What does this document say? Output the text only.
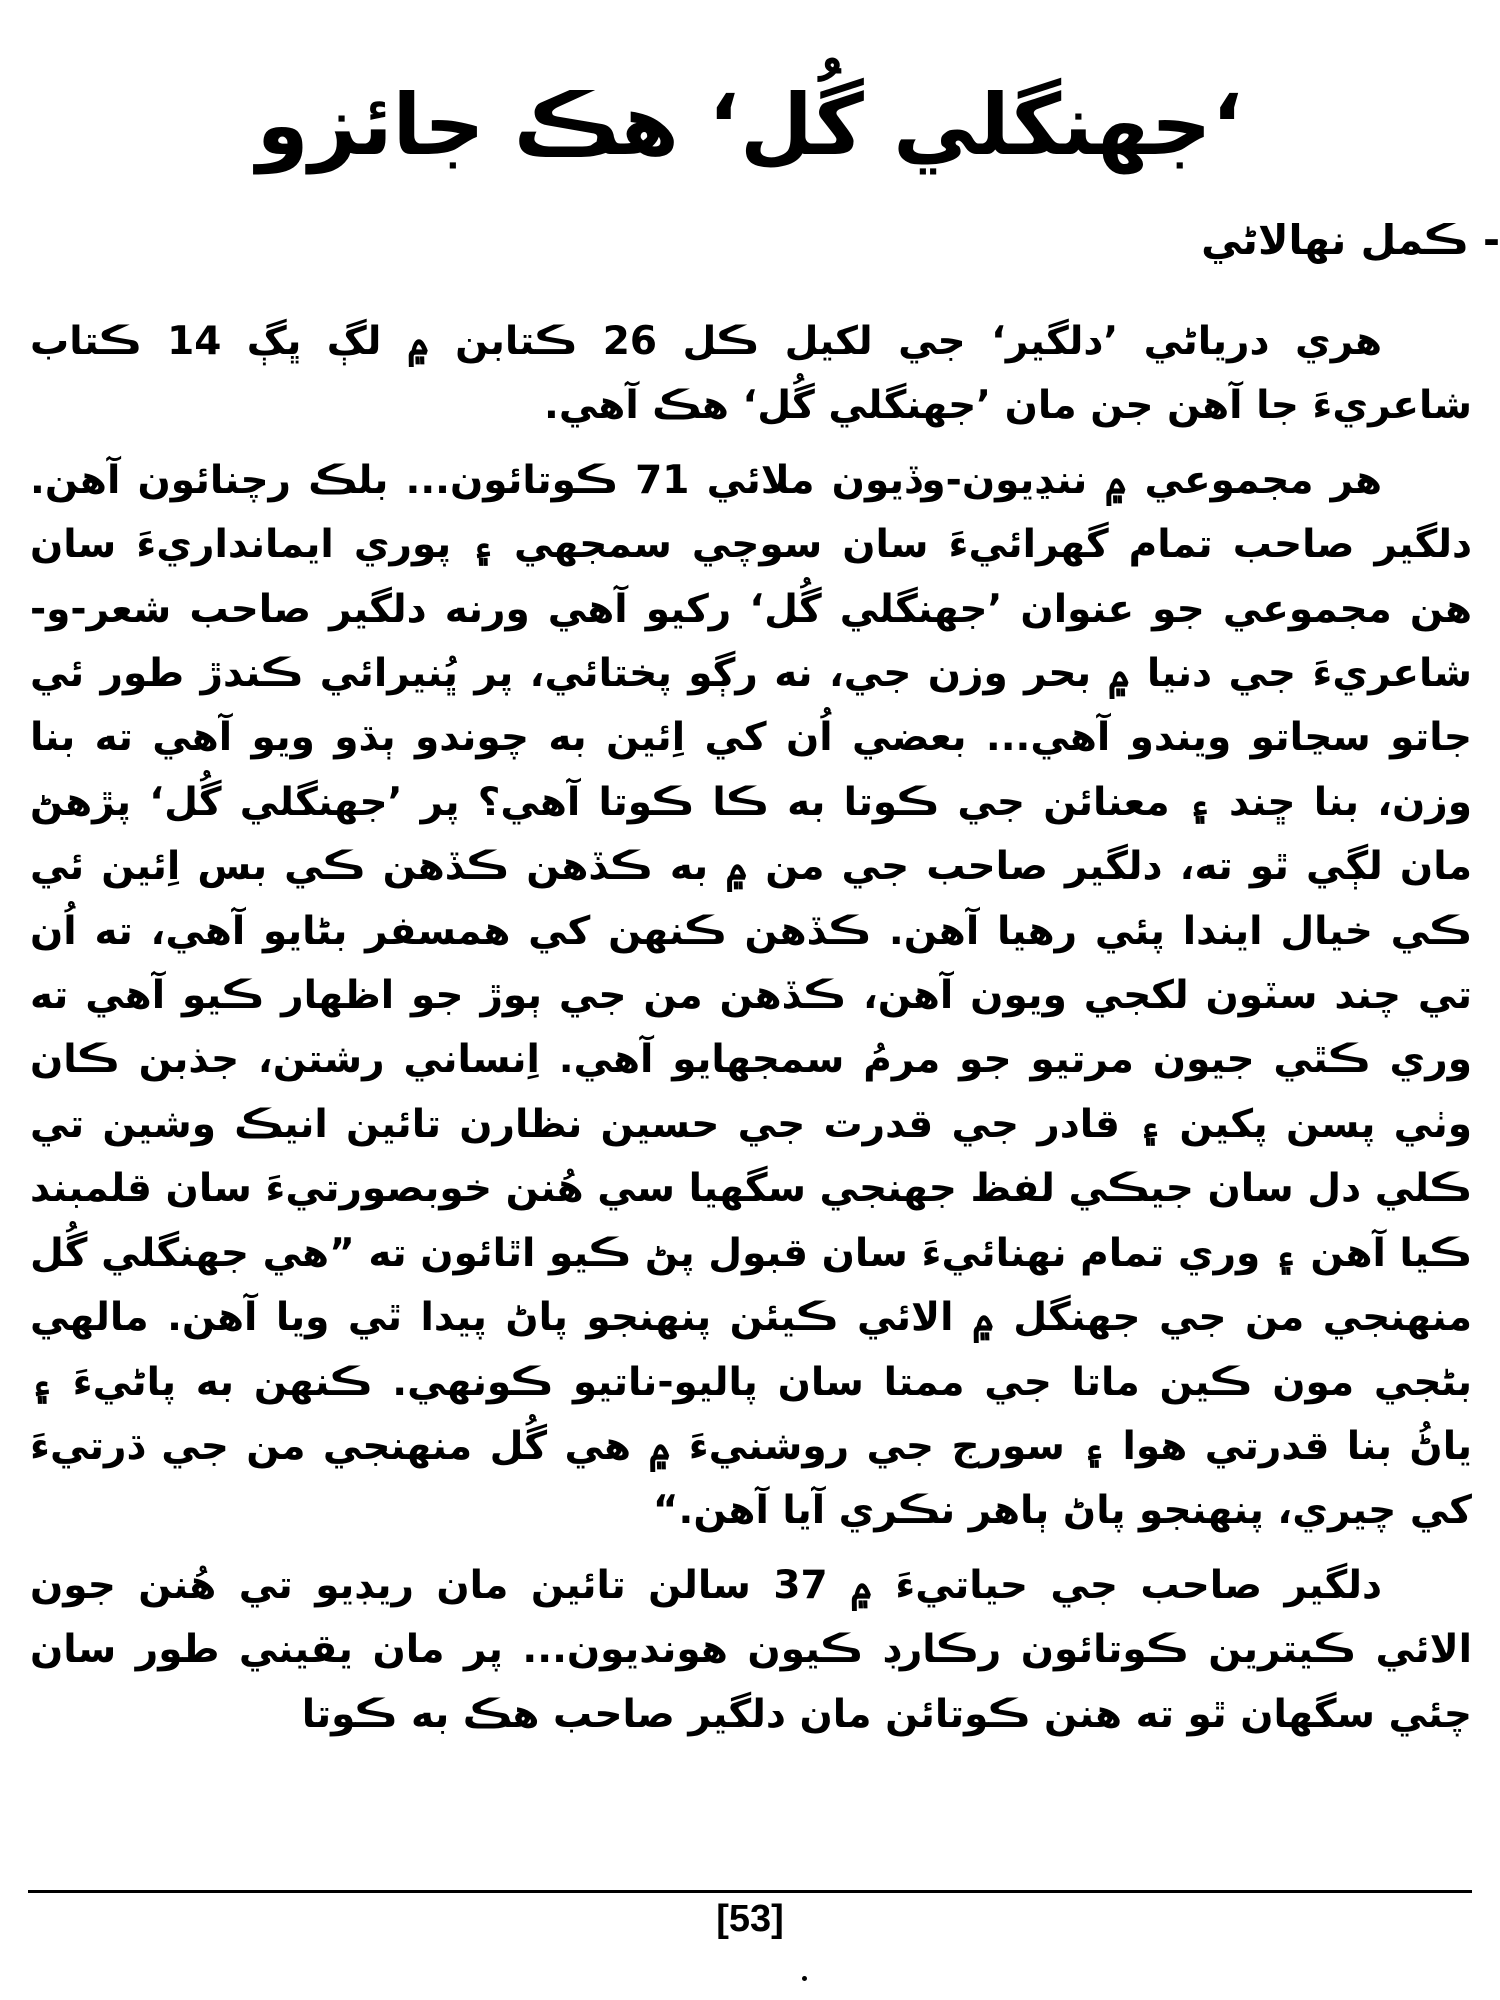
‘جهنگلي گُل‘ هڪ جائزو
- ڪمل نهالاڻي

هري درياڻي ’دلگير‘ جي لکيل ڪل 26 ڪتابن ۾ لڳ ڀڳ 14 ڪتاب شاعريءَ جا آهن جن مان ’جهنگلي گُل‘ هڪ آهي.

هر مجموعي ۾ ننڍيون-وڏيون ملائي 71 ڪوتائون... بلڪ رچنائون آهن. دلگير صاحب تمام گهرائيءَ سان سوچي سمجهي ۽ پوري ايمانداريءَ سان هن مجموعي جو عنوان ’جهنگلي گُل‘ رکيو آهي ورنه دلگير صاحب شعر-و-شاعريءَ جي دنيا ۾ بحر وزن جي، نه رڳو پختائي، پر ڀُنيرائي ڪندڙ طور ئي جاتو سڃاتو ويندو آهي... بعضي اُن کي اِئين به چوندو ٻڌو ويو آهي ته بنا وزن، بنا ڇند ۽ معنائن جي ڪوتا به ڪا ڪوتا آهي؟ پر ’جهنگلي گُل‘ پڙهڻ مان لڳي ٿو ته، دلگير صاحب جي من ۾ به ڪڏهن ڪڏهن ڪي بس اِئين ئي ڪي خيال ايندا پئي رهيا آهن. ڪڏهن ڪنهن کي همسفر بڻايو آهي، ته اُن تي چند سٽون لکجي ويون آهن، ڪڏهن من جي ٻوڙ جو اظهار ڪيو آهي ته وري ڪٿي جيون مرتيو جو مرمُ سمجهايو آهي. اِنساني رشتن، جذبن ڪان وٺي پسن پکين ۽ قادر جي قدرت جي حسين نظارن تائين انيڪ وشين تي ڪلي دل سان جيڪي لفظ جهنجي سگهيا سي هُنن خوبصورتيءَ سان قلمبند ڪيا آهن ۽ وري تمام نهنائيءَ سان قبول پڻ ڪيو اٿائون ته ”هي جهنگلي گُل منهنجي من جي جهنگل ۾ الائي ڪيئن پنهنجو پاڻ پيدا ٿي ويا آهن. مالهي بڻجي مون ڪين ماتا جي ممتا سان پاليو-ناتيو ڪونهي. ڪنهن به پاڻيءَ ۽ ياڻُ بنا قدرتي هوا ۽ سورج جي روشنيءَ ۾ هي گُل منهنجي من جي ڌرتيءَ کي چيري، پنهنجو پاڻ ٻاهر نڪري آيا آهن.“

دلگير صاحب جي حياتيءَ ۾ 37 سالن تائين مان ريڊيو تي هُنن جون الائي ڪيترين ڪوتائون رڪارڊ ڪيون هونديون... پر مان يقيني طور سان چئي سگهان ٿو ته هنن ڪوتائن مان دلگير صاحب هڪ به ڪوتا

[53]
